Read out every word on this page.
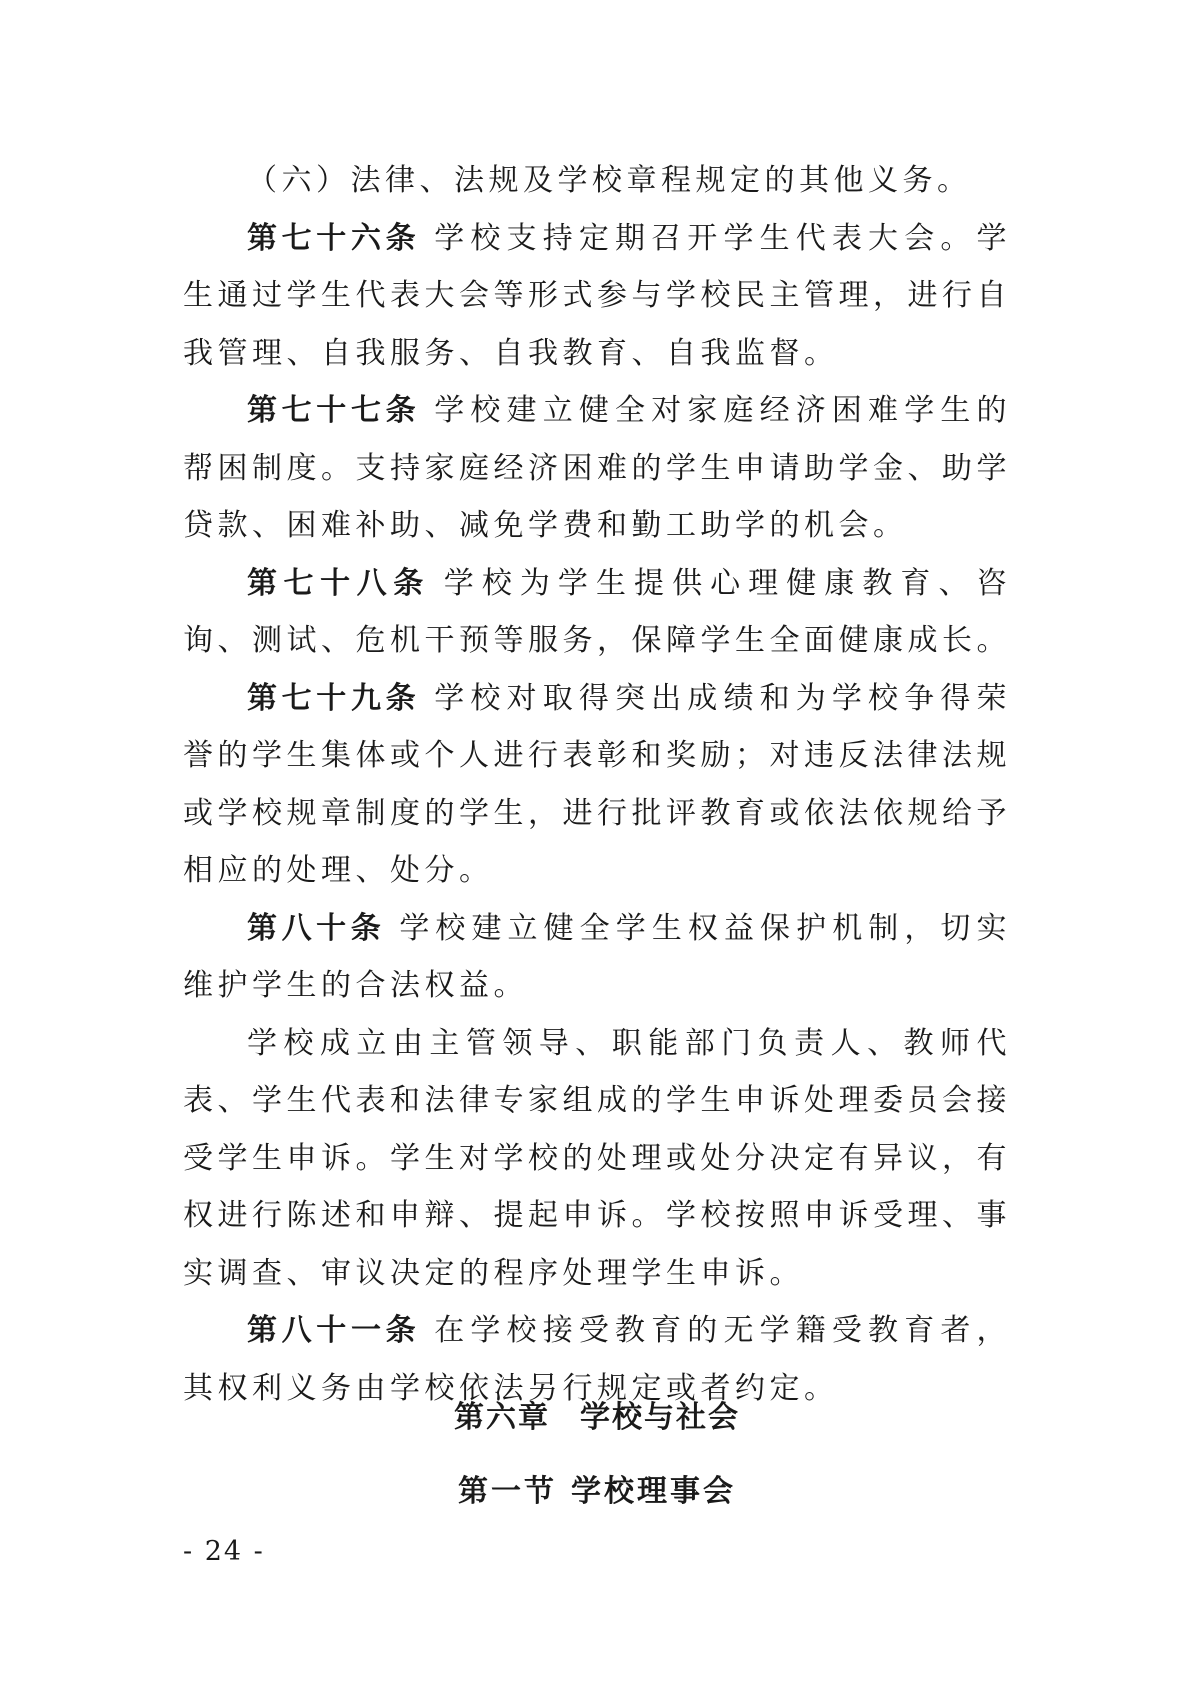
（六）法律、法规及学校章程规定的其他义务。

第七十六条 学校支持定期召开学生代表大会。学生通过学生代表大会等形式参与学校民主管理，进行自我管理、自我服务、自我教育、自我监督。

第七十七条 学校建立健全对家庭经济困难学生的帮困制度。支持家庭经济困难的学生申请助学金、助学贷款、困难补助、减免学费和勤工助学的机会。

第七十八条 学校为学生提供心理健康教育、咨询、测试、危机干预等服务，保障学生全面健康成长。

第七十九条 学校对取得突出成绩和为学校争得荣誉的学生集体或个人进行表彰和奖励；对违反法律法规或学校规章制度的学生，进行批评教育或依法依规给予相应的处理、处分。

第八十条 学校建立健全学生权益保护机制，切实维护学生的合法权益。

学校成立由主管领导、职能部门负责人、教师代表、学生代表和法律专家组成的学生申诉处理委员会接受学生申诉。学生对学校的处理或处分决定有异议，有权进行陈述和申辩、提起申诉。学校按照申诉受理、事实调查、审议决定的程序处理学生申诉。

第八十一条 在学校接受教育的无学籍受教育者，其权利义务由学校依法另行规定或者约定。

第六章 学校与社会
第一节 学校理事会
- 24 -
